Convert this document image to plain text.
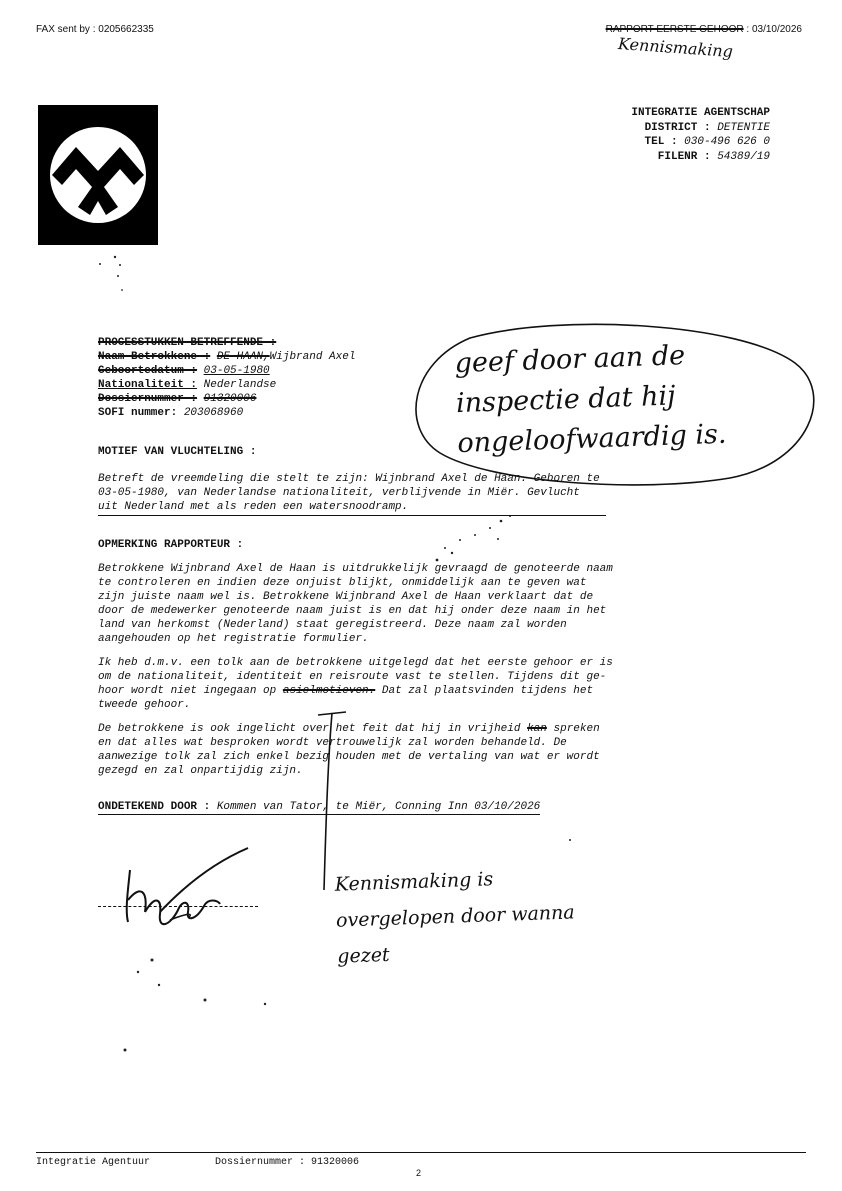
FAX sent by : 0205662335	RAPPORT EERSTE GEHOOR : 03/10/2026
Kennismaking
INTEGRATIE AGENTSCHAP
DISTRICT : DETENTIE
TEL : 030-496 626 0
FILENR : 54389/19
PROCESSTUKKEN BETREFFENDE :
Naam Betrokkene : DE HAAN,Wijbrand Axel
Geboortedatum : 03-05-1980
Nationaliteit : Nederlandse
Dossiernummer : 91320006
SOFI nummer: 203068960
geef door aan de inspectie dat hij ongeloofwaardig is.
MOTIEF VAN VLUCHTELING :

Betreft de vreemdeling die stelt te zijn: Wijnbrand Axel de Haan. Geboren te 03-05-1980, van Nederlandse nationaliteit, verblijvende in Miër. Gevlucht uit Nederland met als reden een watersnoodramp.

OPMERKING RAPPORTEUR :

Betrokkene Wijnbrand Axel de Haan is uitdrukkelijk gevraagd de genoteerde naam te controleren en indien deze onjuist blijkt, onmiddelijk aan te geven wat zijn juiste naam wel is. Betrokkene Wijnbrand Axel de Haan verklaart dat de door de medewerker genoteerde naam juist is en dat hij onder deze naam in het land van herkomst (Nederland) staat geregistreerd. Deze naam zal worden aangehouden op het registratie formulier.

Ik heb d.m.v. een tolk aan de betrokkene uitgelegd dat het eerste gehoor er is om de nationaliteit, identiteit en reisroute vast te stellen. Tijdens dit ge-hoor wordt niet ingegaan op asielmotieven. Dat zal plaatsvinden tijdens het tweede gehoor.

De betrokkene is ook ingelicht over het feit dat hij in vrijheid kan spreken en dat alles wat besproken wordt vertrouwelijk zal worden behandeld. De aanwezige tolk zal zich enkel bezig houden met de vertaling van wat er wordt gezegd en zal onpartijdig zijn.

ONDETEKEND DOOR : Kommen van Tator, te Miër, Conning Inn 03/10/2026
Kennismaking is overgelopen door wanna gezet
Integratie Agentuur	Dossiernummer : 91320006
2
